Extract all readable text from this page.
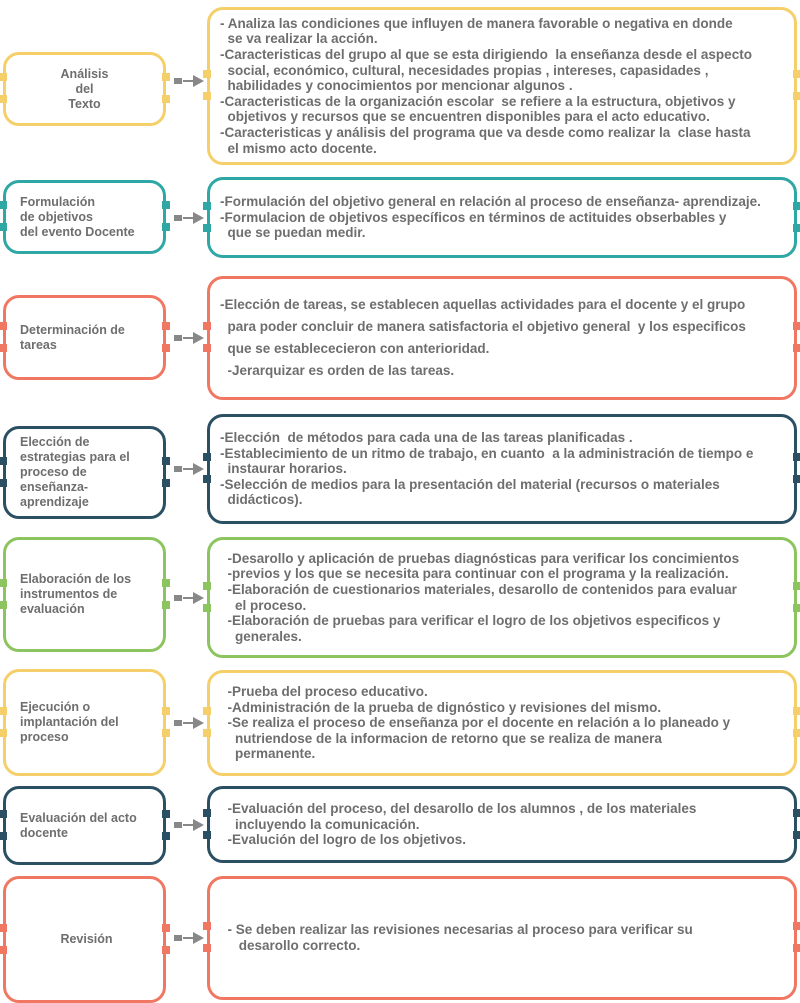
Análisis
del
Texto
- Analiza las condiciones que influyen de manera favorable o negativa en donde
se va realizar la acción.
-Caracteristicas del grupo al que se esta dirigiendo  la enseñanza desde el aspecto
social, económico, cultural, necesidades propias , intereses, capasidades ,
habilidades y conocimientos por mencionar algunos .
-Caracteristicas de la organización escolar  se refiere a la estructura, objetivos y
objetivos y recursos que se encuentren disponibles para el acto educativo.
-Caracteristicas y análisis del programa que va desde como realizar la  clase hasta
el mismo acto docente.
Formulación
de objetivos
del evento Docente
-Formulación del objetivo general en relación al proceso de enseñanza- aprendizaje.
-Formulacion de objetivos específicos en términos de actituides obserbables y
que se puedan medir.
Determinación de
tareas
-Elección de tareas, se establecen aquellas actividades para el docente y el grupo
para poder concluir de manera satisfactoria el objetivo general  y los especificos
que se establececieron con anterioridad.
-Jerarquizar es orden de las tareas.
Elección de
estrategias para el
proceso de
enseñanza-
aprendizaje
-Elección  de métodos para cada una de las tareas planificadas .
-Establecimiento de un ritmo de trabajo, en cuanto  a la administración de tiempo e
instaurar horarios.
-Selección de medios para la presentación del material (recursos o materiales
didácticos).
Elaboración de los
instrumentos de
evaluación
-Desarollo y aplicación de pruebas diagnósticas para verificar los concimientos
-previos y los que se necesita para continuar con el programa y la realización.
-Elaboración de cuestionarios materiales, desarollo de contenidos para evaluar
el proceso.
-Elaboración de pruebas para verificar el logro de los objetivos especificos y
generales.
Ejecución o
implantación del
proceso
-Prueba del proceso educativo.
-Administración de la prueba de dignóstico y revisiones del mismo.
-Se realiza el proceso de enseñanza por el docente en relación a lo planeado y
nutriendose de la informacion de retorno que se realiza de manera
permanente.
Evaluación del acto
docente
-Evaluación del proceso, del desarollo de los alumnos , de los materiales
incluyendo la comunicación.
-Evalución del logro de los objetivos.
Revisión
- Se deben realizar las revisiones necesarias al proceso para verificar su
desarollo correcto.
